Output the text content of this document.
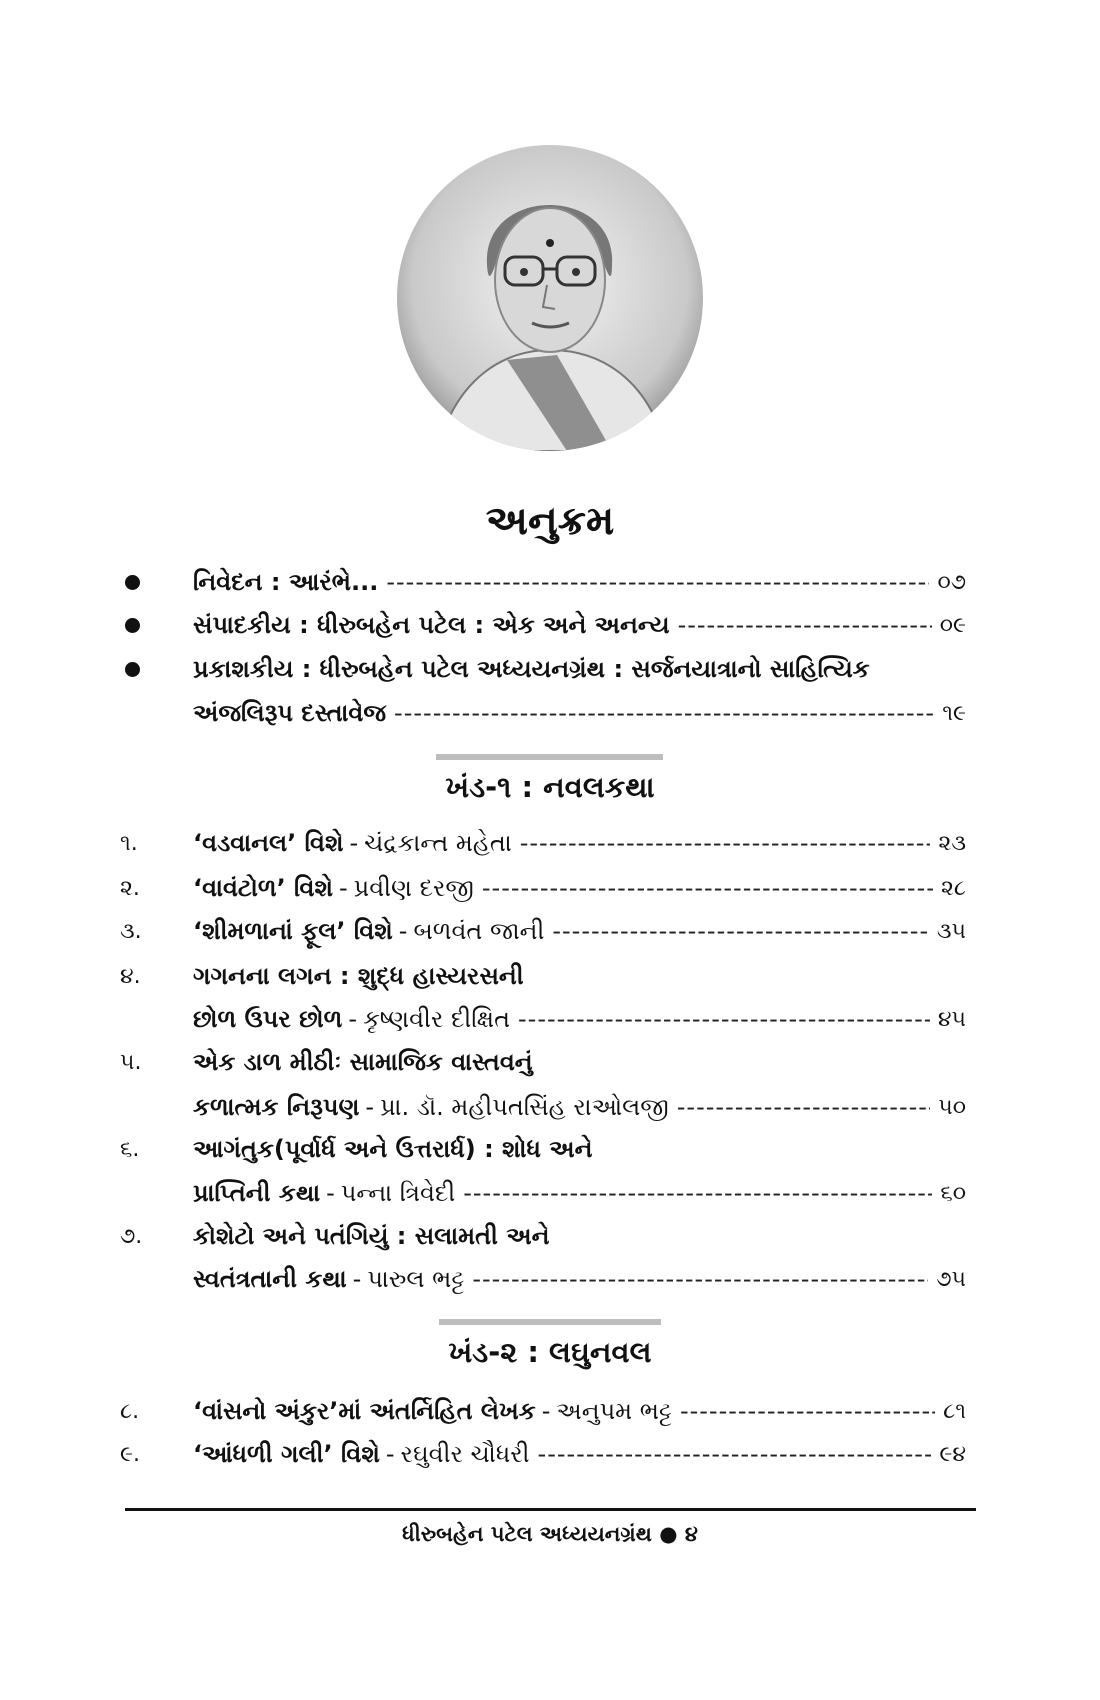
અનુક્રમ
નિવેદન : આરંભે... -----	૦૭
સંપાદકીય : ધીરુબહેન પટેલ : એક અને અનન્ય -----	૦૯
પ્રકાશકીય : ધીરુબહેન પટેલ અધ્યયનગ્રંથ : સર્જનયાત્રાનો સાહિત્યિક
અંજલિરૂપ દસ્તાવેજ -----	૧૯
ખંડ-૧ : નવલકથા
૧.	‘વડવાનલ’ વિશે - ચંદ્રકાન્ત મહેતા -----	૨૩
૨.	‘વાવંટોળ’ વિશે - પ્રવીણ દરજી -----	૨૮
૩.	‘શીમળાનાં ફૂલ’ વિશે - બળવંત જાની -----	૩૫
૪.	ગગનના લગન : શુદ્ધ હાસ્યરસની
છોળ ઉપર છોળ - કૃષ્ણવીર દીક્ષિત -----	૪૫
૫.	એક ડાળ મીઠીઃ સામાજિક વાસ્તવનું
કળાત્મક નિરૂપણ - પ્રા. ડૉ. મહીપતસિંહ રાઓલજી -----	૫૦
૬.	આગંતુક(પૂર્વાર્ધ અને ઉત્તરાર્ધ) : શોધ અને
પ્રાપ્તિની કથા - પન્ના ત્રિવેદી -----	૬૦
૭.	કોશેટો અને પતંગિયું : સલામતી અને
સ્વતંત્રતાની કથા - પારુલ ભટ્ટ -----	૭૫
ખંડ-૨ : લઘુનવલ
૮.	‘વાંસનો અંકુર’માં અંતર્નિહિત લેખક - અનુપમ ભટ્ટ -----	૮૧
૯.	‘આંધળી ગલી’ વિશે - રઘુવીર ચૌધરી -----	૯૪
ધીરુબહેન પટેલ અધ્યયનગ્રંથ ● ૪
